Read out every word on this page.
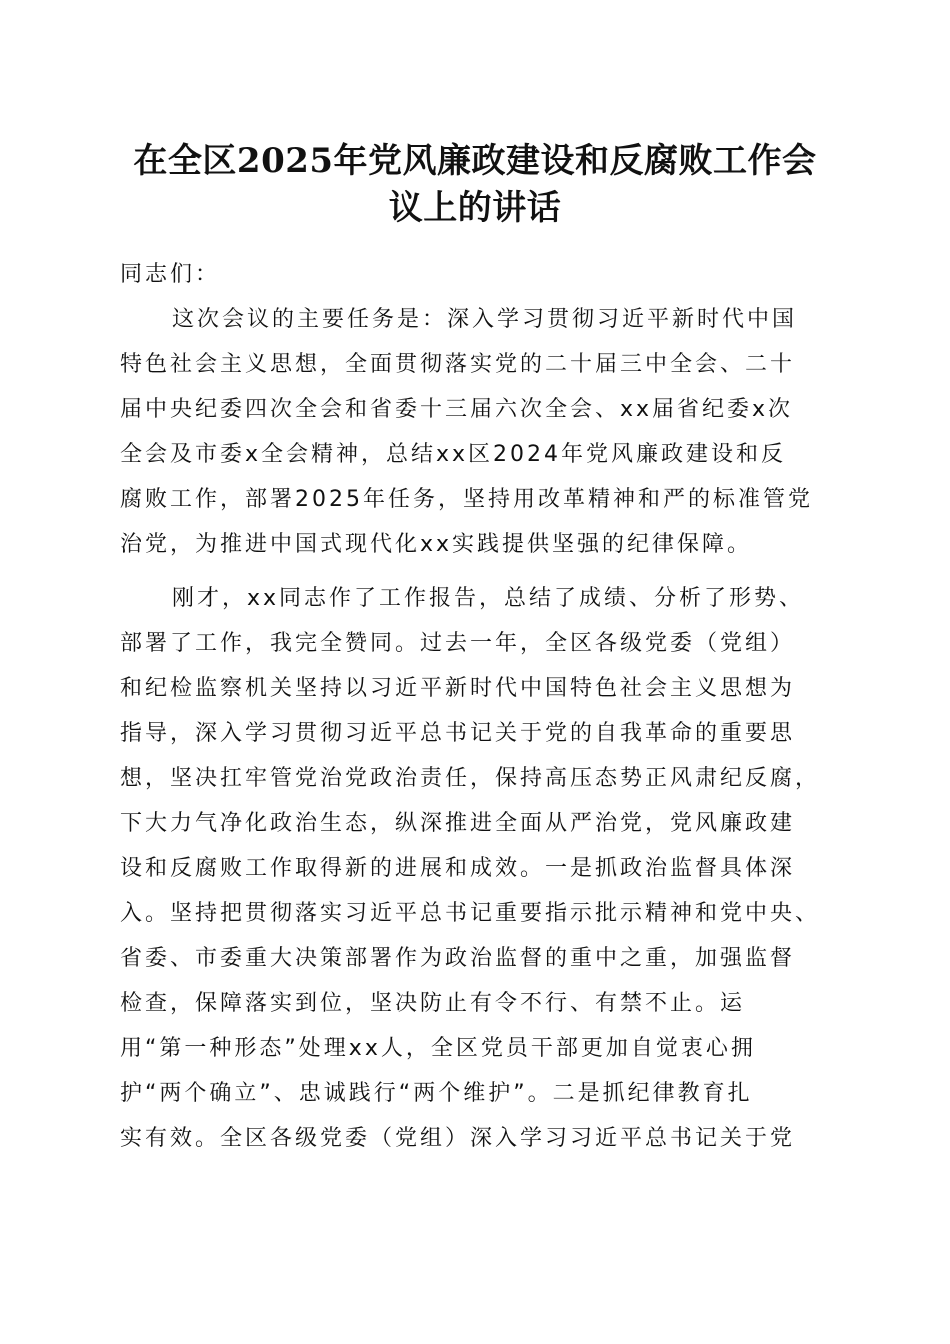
在全区2025年党风廉政建设和反腐败工作会
议上的讲话
同志们：
这次会议的主要任务是：深入学习贯彻习近平新时代中国
特色社会主义思想，全面贯彻落实党的二十届三中全会、二十
届中央纪委四次全会和省委十三届六次全会、xx届省纪委x次
全会及市委x全会精神，总结xx区2024年党风廉政建设和反
腐败工作，部署2025年任务，坚持用改革精神和严的标准管党
治党，为推进中国式现代化xx实践提供坚强的纪律保障。
刚才，xx同志作了工作报告，总结了成绩、分析了形势、
部署了工作，我完全赞同。过去一年，全区各级党委（党组）
和纪检监察机关坚持以习近平新时代中国特色社会主义思想为
指导，深入学习贯彻习近平总书记关于党的自我革命的重要思
想，坚决扛牢管党治党政治责任，保持高压态势正风肃纪反腐，
下大力气净化政治生态，纵深推进全面从严治党，党风廉政建
设和反腐败工作取得新的进展和成效。一是抓政治监督具体深
入。坚持把贯彻落实习近平总书记重要指示批示精神和党中央、
省委、市委重大决策部署作为政治监督的重中之重，加强监督
检查，保障落实到位，坚决防止有令不行、有禁不止。运
用“第一种形态”处理xx人，全区党员干部更加自觉衷心拥
护“两个确立”、忠诚践行“两个维护”。二是抓纪律教育扎
实有效。全区各级党委（党组）深入学习习近平总书记关于党
